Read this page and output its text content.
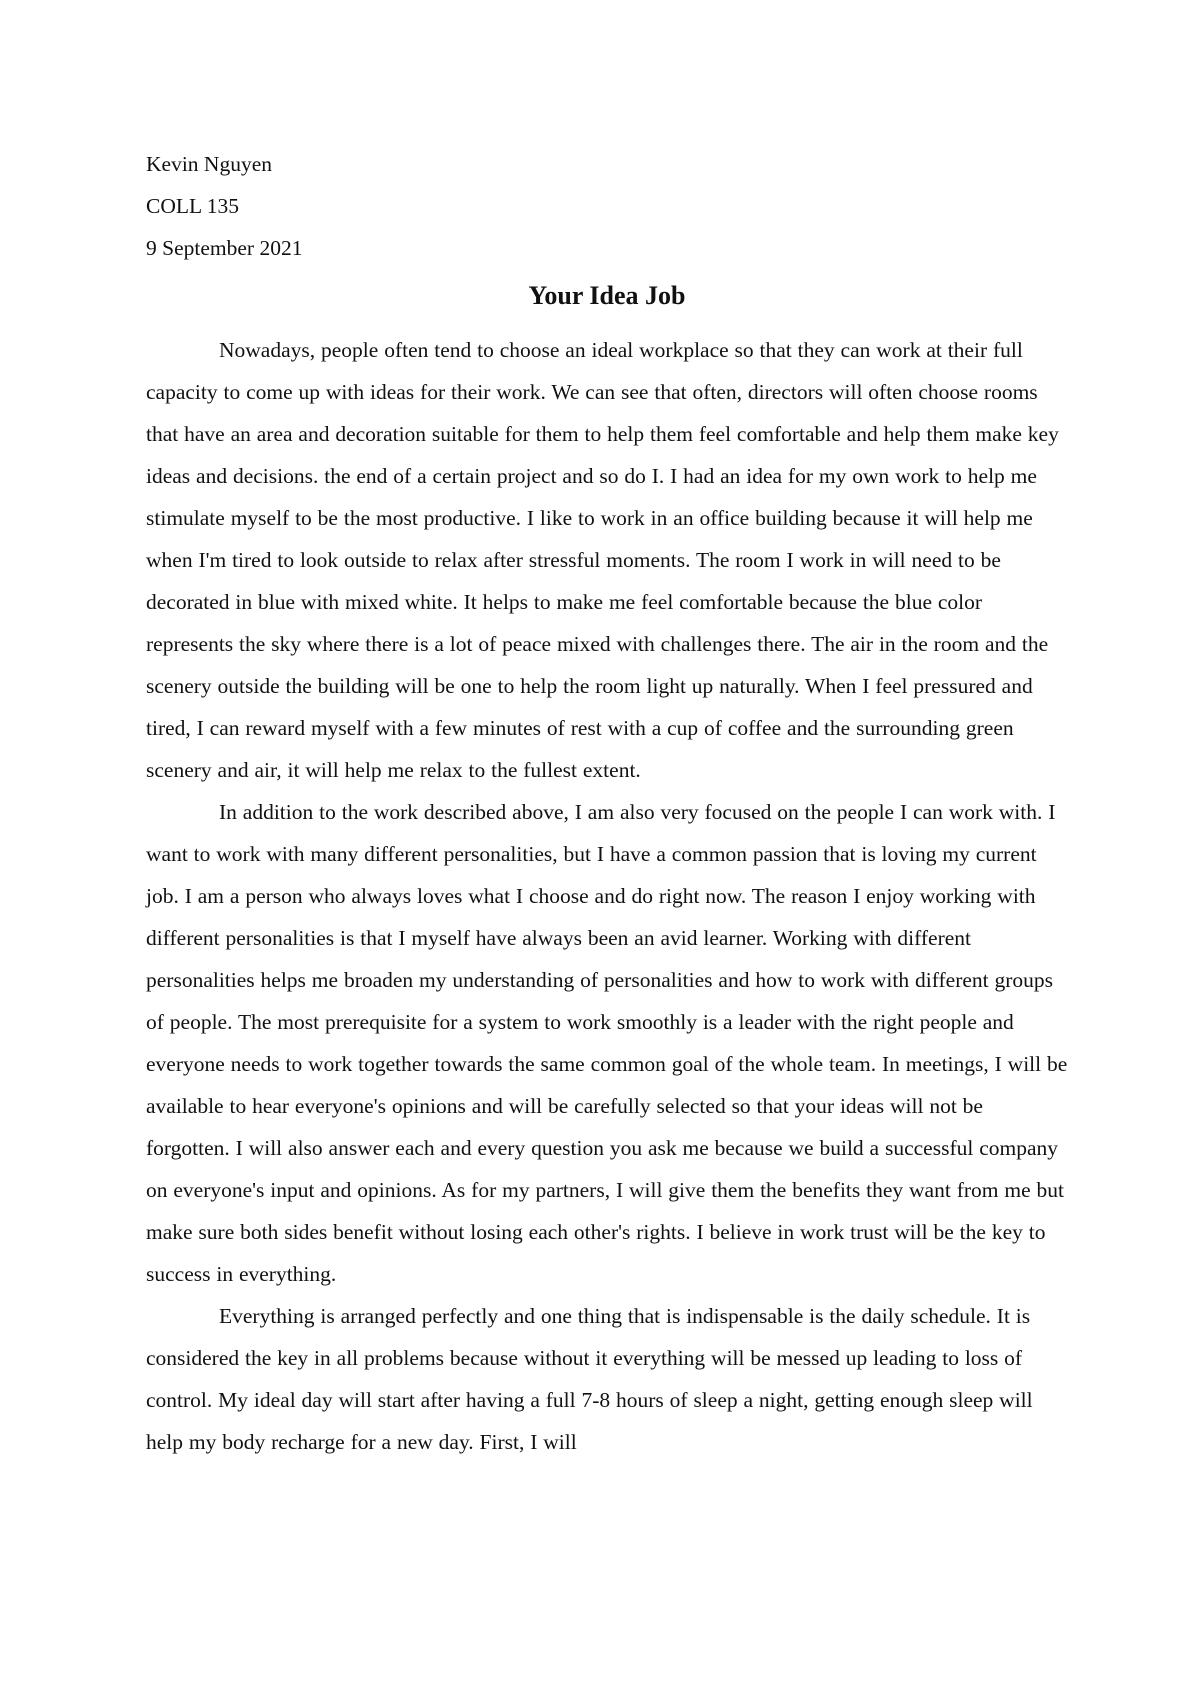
Kevin Nguyen
COLL 135
9 September 2021
Your Idea Job

Nowadays, people often tend to choose an ideal workplace so that they can work at their full capacity to come up with ideas for their work. We can see that often, directors will often choose rooms that have an area and decoration suitable for them to help them feel comfortable and help them make key ideas and decisions. the end of a certain project and so do I. I had an idea for my own work to help me stimulate myself to be the most productive. I like to work in an office building because it will help me when I'm tired to look outside to relax after stressful moments. The room I work in will need to be decorated in blue with mixed white. It helps to make me feel comfortable because the blue color represents the sky where there is a lot of peace mixed with challenges there. The air in the room and the scenery outside the building will be one to help the room light up naturally. When I feel pressured and tired, I can reward myself with a few minutes of rest with a cup of coffee and the surrounding green scenery and air, it will help me relax to the fullest extent.

In addition to the work described above, I am also very focused on the people I can work with. I want to work with many different personalities, but I have a common passion that is loving my current job. I am a person who always loves what I choose and do right now. The reason I enjoy working with different personalities is that I myself have always been an avid learner. Working with different personalities helps me broaden my understanding of personalities and how to work with different groups of people. The most prerequisite for a system to work smoothly is a leader with the right people and everyone needs to work together towards the same common goal of the whole team. In meetings, I will be available to hear everyone's opinions and will be carefully selected so that your ideas will not be forgotten. I will also answer each and every question you ask me because we build a successful company on everyone's input and opinions. As for my partners, I will give them the benefits they want from me but make sure both sides benefit without losing each other's rights. I believe in work trust will be the key to success in everything.

Everything is arranged perfectly and one thing that is indispensable is the daily schedule. It is considered the key in all problems because without it everything will be messed up leading to loss of control. My ideal day will start after having a full 7-8 hours of sleep a night, getting enough sleep will help my body recharge for a new day. First, I will
